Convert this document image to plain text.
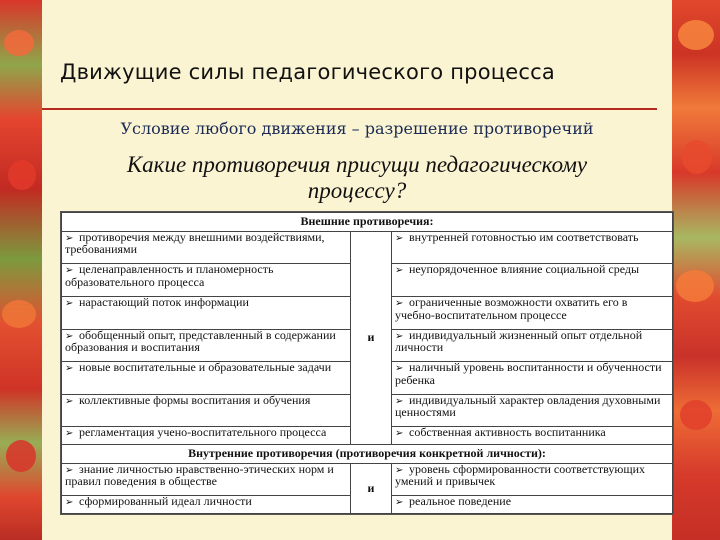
Движущие силы педагогического процесса

Условие любого движения – разрешение противоречий

Какие противоречия присущи педагогическому
процессу?

Внешние противоречия:		
➢ противоречия между внешними воздействиями, требованиями	и	➢ внутренней готовностью им соответствовать
➢ целенаправленность и планомерность образовательного процесса		➢ неупорядоченное влияние социальной среды
➢ нарастающий поток информации		➢ ограниченные возможности охватить его в учебно-воспитательном процессе
➢ обобщенный опыт, представленный в содержании образования и воспитания		➢ индивидуальный жизненный опыт отдельной личности
➢ новые воспитательные и образовательные задачи		➢ наличный уровень воспитанности и обученности ребенка
➢ коллективные формы воспитания и обучения		➢ индивидуальный характер овладения духовными ценностями
➢ регламентация учено-воспитательного процесса		➢ собственная активность воспитанника
Внутренние противоречия (противоречия конкретной личности):		
➢ знание личностью нравственно-этических норм и правил поведения в обществе	и	➢ уровень сформированности соответствующих умений и привычек
➢ сформированный идеал личности		➢ реальное поведение
